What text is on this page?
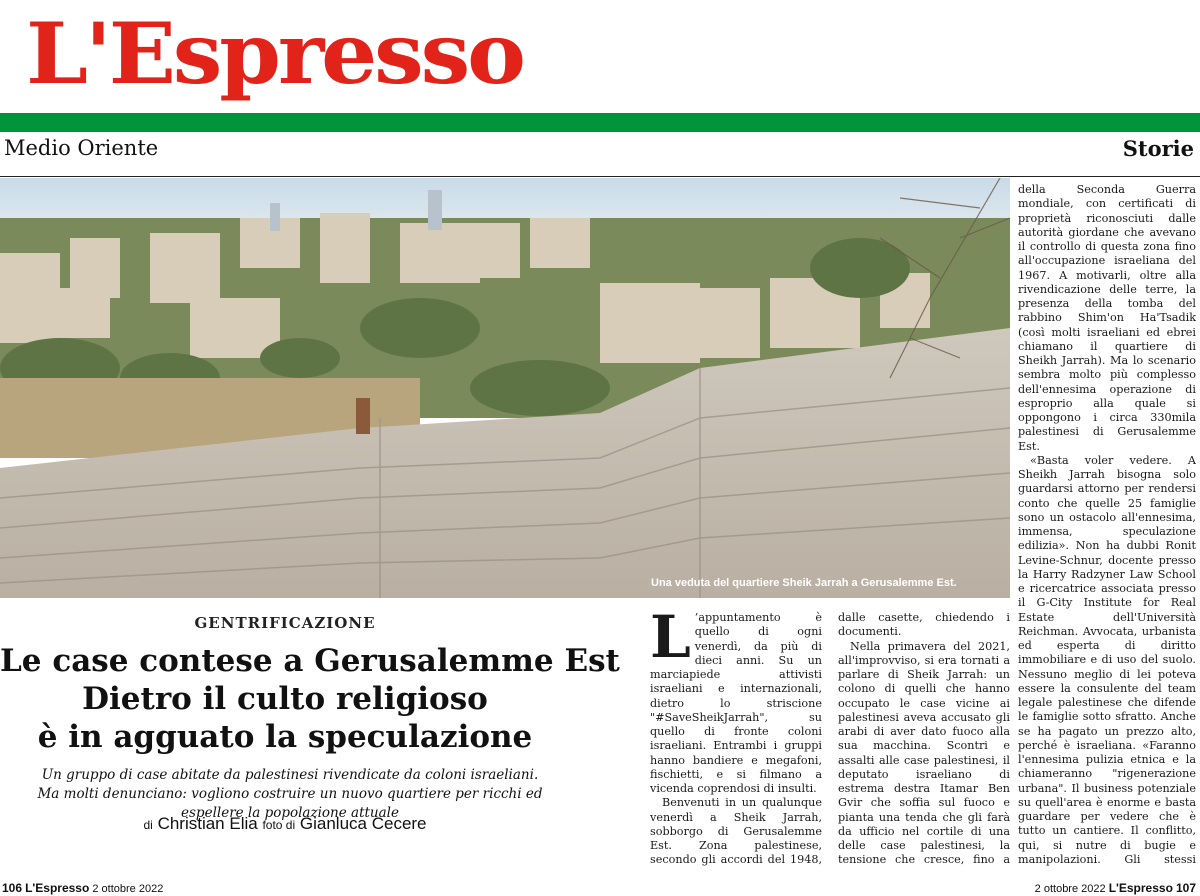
L'Espresso
Medio Oriente	Storie
Una veduta del quartiere Sheik Jarrah a Gerusalemme Est.
GENTRIFICAZIONE
Le case contese a Gerusalemme Est
Dietro il culto religioso
è in agguato la speculazione
Un gruppo di case abitate da palestinesi rivendicate da coloni israeliani. Ma molti denunciano: vogliono costruire un nuovo quartiere per ricchi ed espellere la popolazione attuale
di Christian Elia foto di Gianluca Cecere
L ’appuntamento è quello di ogni venerdì, da più di dieci anni. Su un marciapiede attivisti israeliani e internazionali, dietro lo striscione "#SaveSheikJarrah", su quello di fronte coloni israeliani. Entrambi i gruppi hanno bandiere e megafoni, fischietti, e si filmano a vicenda coprendosi di insulti.

Benvenuti in un qualunque venerdì a Sheik Jarrah, sobborgo di Gerusalemme Est. Zona palestinese, secondo gli accordi del 1948,

dalle casette, chiedendo i documenti.

Nella primavera del 2021, all'improvviso, si era tornati a parlare di Sheik Jarrah: un colono di quelli che hanno occupato le case vicine ai palestinesi aveva accusato gli arabi di aver dato fuoco alla sua macchina. Scontri e assalti alle case palestinesi, il deputato israeliano di estrema destra Itamar Ben Gvir che soffia sul fuoco e pianta una tenda che gli farà da ufficio nel cortile di una delle case palestinesi, la tensione che cresce, fino a

della Seconda Guerra mondiale, con certificati di proprietà riconosciuti dalle autorità giordane che avevano il controllo di questa zona fino all'occupazione israeliana del 1967. A motivarli, oltre alla rivendicazione delle terre, la presenza della tomba del rabbino Shim'on Ha'Tsadik (così molti israeliani ed ebrei chiamano il quartiere di Sheikh Jarrah). Ma lo scenario sembra molto più complesso dell'ennesima operazione di esproprio alla quale si oppongono i circa 330mila palestinesi di Gerusalemme Est.

«Basta voler vedere. A Sheikh Jarrah bisogna solo guardarsi attorno per rendersi conto che quelle 25 famiglie sono un ostacolo all'ennesima, immensa, speculazione edilizia». Non ha dubbi Ronit Levine-Schnur, docente presso la Harry Radzyner Law School e ricercatrice associata presso il G-City Institute for Real Estate dell'Università Reichman. Avvocata, urbanista ed esperta di diritto immobiliare e di uso del suolo. Nessuno meglio di lei poteva essere la consulente del team legale palestinese che difende le famiglie sotto sfratto. Anche se ha pagato un prezzo alto, perché è israeliana. «Faranno l'ennesima pulizia etnica e la chiameranno "rigenerazione urbana". Il business potenziale su quell'area è enorme e basta guardare per vedere che è tutto un cantiere. Il conflitto, qui, si nutre di bugie e manipolazioni. Gli stessi

106 L'Espresso 2 ottobre 2022	2 ottobre 2022 L'Espresso 107
